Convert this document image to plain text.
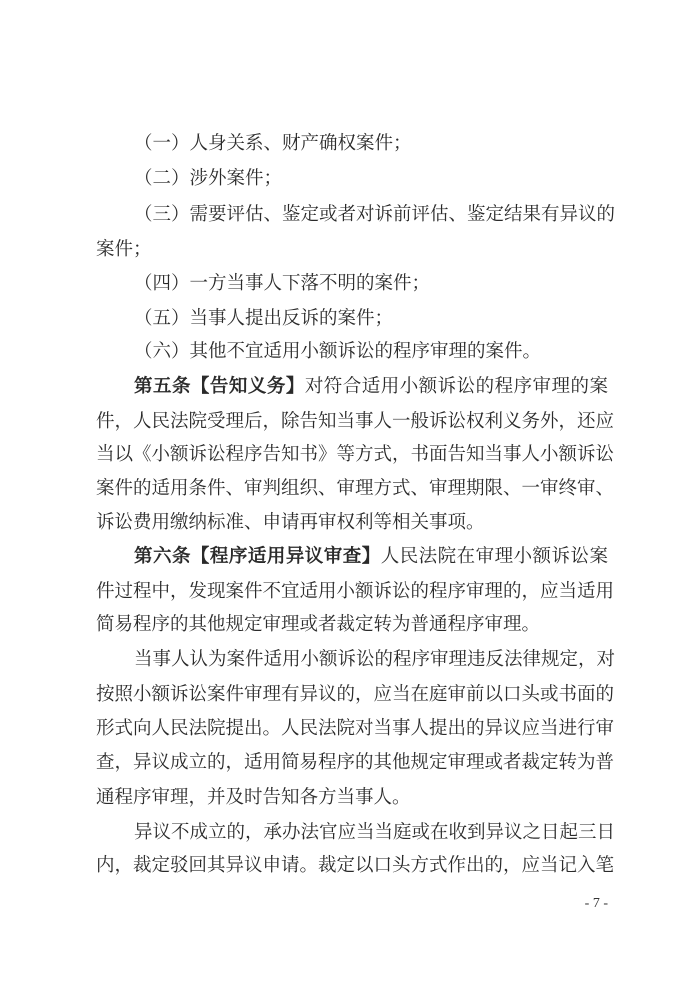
（一）人身关系、财产确权案件；
（二）涉外案件；
（三）需要评估、鉴定或者对诉前评估、鉴定结果有异议的
案件；
（四）一方当事人下落不明的案件；
（五）当事人提出反诉的案件；
（六）其他不宜适用小额诉讼的程序审理的案件。
第五条【告知义务】对符合适用小额诉讼的程序审理的案
件，人民法院受理后，除告知当事人一般诉讼权利义务外，还应
当以《小额诉讼程序告知书》等方式，书面告知当事人小额诉讼
案件的适用条件、审判组织、审理方式、审理期限、一审终审、
诉讼费用缴纳标准、申请再审权利等相关事项。
第六条【程序适用异议审查】人民法院在审理小额诉讼案
件过程中，发现案件不宜适用小额诉讼的程序审理的，应当适用
简易程序的其他规定审理或者裁定转为普通程序审理。
当事人认为案件适用小额诉讼的程序审理违反法律规定，对
按照小额诉讼案件审理有异议的，应当在庭审前以口头或书面的
形式向人民法院提出。人民法院对当事人提出的异议应当进行审
查，异议成立的，适用简易程序的其他规定审理或者裁定转为普
通程序审理，并及时告知各方当事人。
异议不成立的，承办法官应当当庭或在收到异议之日起三日
内，裁定驳回其异议申请。裁定以口头方式作出的，应当记入笔
- 7 -
